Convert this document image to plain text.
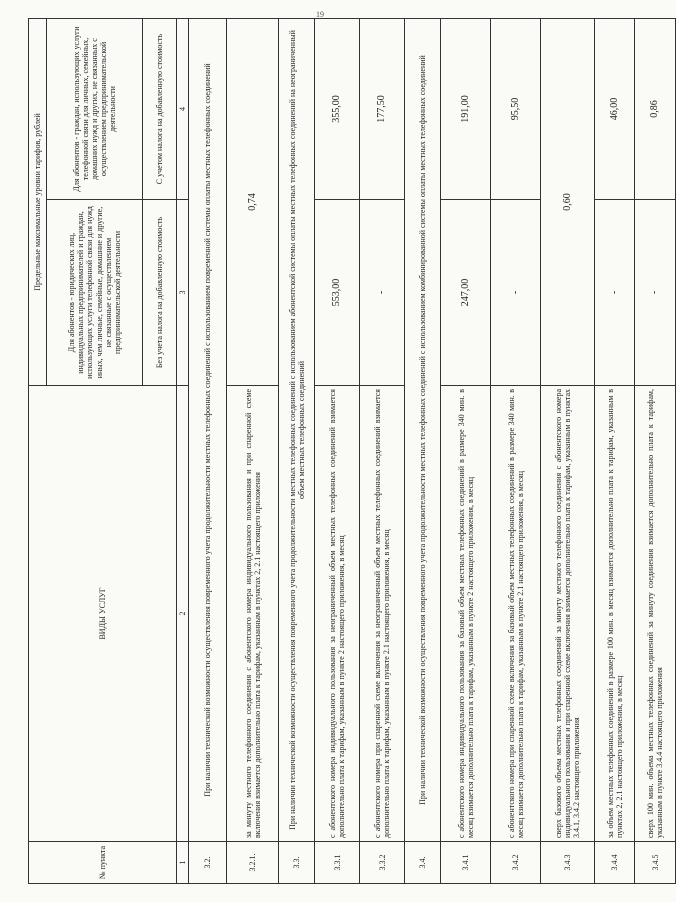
19
№ пункта	ВИДЫ УСЛУГ	Предельные максимальные уровни тарифов, рублей	
		Для абонентов - юридических лиц, индивидуальных предпринимателей и граждан, использующих услуги телефонной связи для нужд иных, чем личные, семейные, домашние и другие, не связанные с осуществлением предпринимательской деятельности	Для абонентов - граждан, использующих услуги телефонной связи для личных, семейных, домашних нужд и других, не связанных с осуществлением предпринимательской деятельности
		Без учета налога на добавленную стоимость	С учетом налога на добавленную стоимость
1	2	3	4
3.2.	При наличии технической возможности осуществления повременного учета продолжительности местных телефонных соединений с использованием повременной системы оплаты местных телефонных соединений		
3.2.1.	за минуту местного телефонного соединения с абонентского номера индивидуального пользования и при спаренной схеме включения взимается дополнительно плата к тарифам, указанным в пунктах 2, 2.1 настоящего приложения	0,74	
3.3.	При наличии технической возможности осуществления повременного учета продолжительности местных телефонных соединений с использованием абонентской системы оплаты местных телефонных соединений на неограниченный объем местных телефонных соединений		
3.3.1	с абонентского номера индивидуального пользования за неограниченный объем местных телефонных соединений взимается дополнительно плата к тарифам, указанным в пункте 2 настоящего приложения, в месяц	553,00	355,00
3.3.2	с абонентского номера при спаренной схеме включения за неограниченный объем местных телефонных соединений взимается дополнительно плата к тарифам, указанным в пункте 2.1 настоящего приложения, в месяц	-	177,50
3.4.	При наличии технической возможности осуществления повременного учета продолжительности местных телефонных соединений с использованием комбинированной системы оплаты местных телефонных соединений		
3.4.1	с абонентского номера индивидуального пользования за базовый объем местных телефонных соединений в размере 340 мин. в месяц взимается дополнительно плата к тарифам, указанным в пункте 2 настоящего приложения, в месяц	247,00	191,00
3.4.2	с абонентского номера при спаренной схеме включения за базовый объем местных телефонных соединений в размере 340 мин. в месяц взимается дополнительно плата к тарифам, указанным в пункте 2.1 настоящего приложения, в месяц	-	95,50
3.4.3	сверх базового объема местных телефонных соединений за минуту местного телефонного соединения с абонентского номера индивидуального пользования и при спаренной схеме включения взимается дополнительно плата к тарифам, указанным в пунктах 3.4.1, 3.4.2 настоящего приложения	0,60	
3.4.4	за объем местных телефонных соединений в размере 100 мин. в месяц взимается дополнительно плата к тарифам, указанным в пунктах 2, 2.1 настоящего приложения, в месяц	-	46,00
3.4.5	сверх 100 мин. объема местных телефонных соединений за минуту соединения взимается дополнительно плата к тарифам, указанным в пункте 3.4.4 настоящего приложения	-	0,86
